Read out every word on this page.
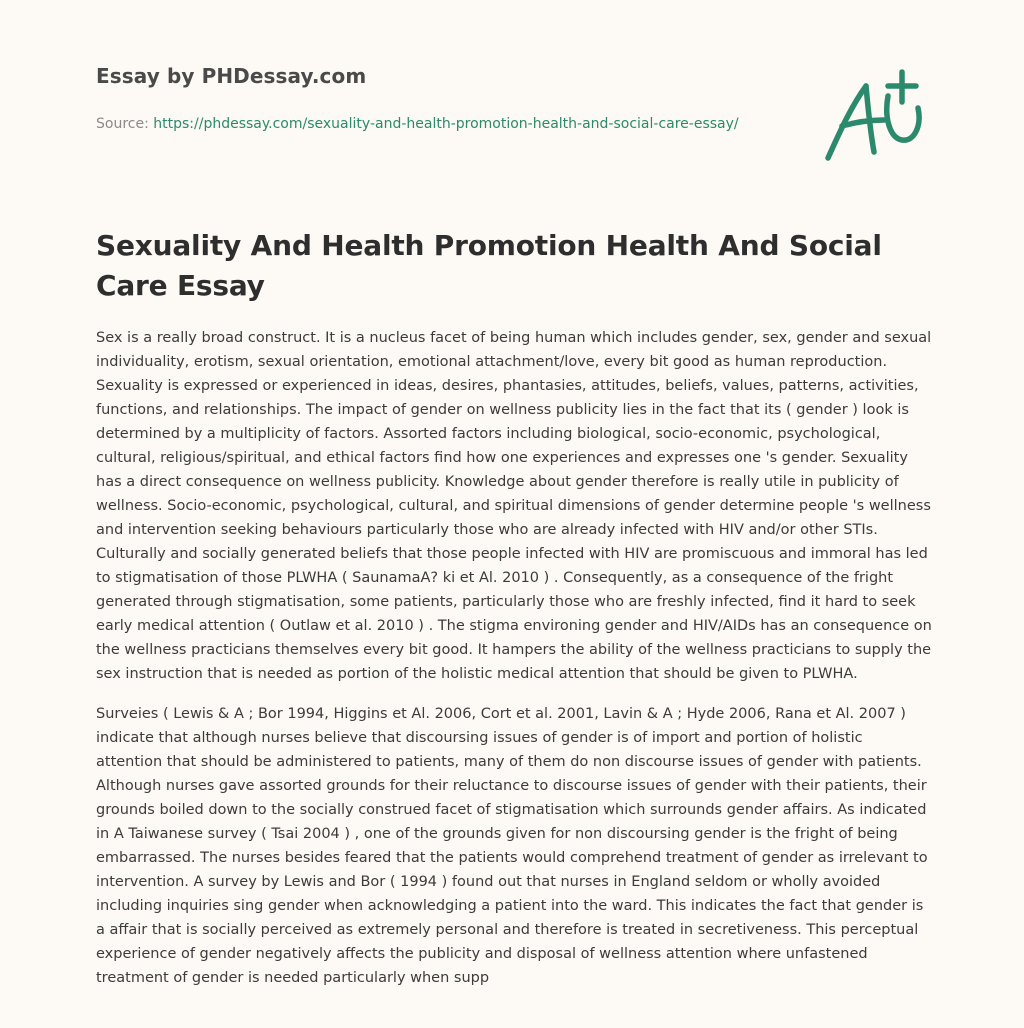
Essay by PHDessay.com
Source: https://phdessay.com/sexuality-and-health-promotion-health-and-social-care-essay/
Sexuality And Health Promotion Health And Social Care Essay

Sex is a really broad construct. It is a nucleus facet of being human which includes gender, sex, gender and sexual individuality, erotism, sexual orientation, emotional attachment/love, every bit good as human reproduction. Sexuality is expressed or experienced in ideas, desires, phantasies, attitudes, beliefs, values, patterns, activities, functions, and relationships. The impact of gender on wellness publicity lies in the fact that its ( gender ) look is determined by a multiplicity of factors. Assorted factors including biological, socio-economic, psychological, cultural, religious/spiritual, and ethical factors find how one experiences and expresses one 's gender. Sexuality has a direct consequence on wellness publicity. Knowledge about gender therefore is really utile in publicity of wellness. Socio-economic, psychological, cultural, and spiritual dimensions of gender determine people 's wellness and intervention seeking behaviours particularly those who are already infected with HIV and/or other STIs. Culturally and socially generated beliefs that those people infected with HIV are promiscuous and immoral has led to stigmatisation of those PLWHA ( SaunamaA? ki et Al. 2010 ) . Consequently, as a consequence of the fright generated through stigmatisation, some patients, particularly those who are freshly infected, find it hard to seek early medical attention ( Outlaw et al. 2010 ) . The stigma environing gender and HIV/AIDs has an consequence on the wellness practicians themselves every bit good. It hampers the ability of the wellness practicians to supply the sex instruction that is needed as portion of the holistic medical attention that should be given to PLWHA.

Surveies ( Lewis & A ; Bor 1994, Higgins et Al. 2006, Cort et al. 2001, Lavin & A ; Hyde 2006, Rana et Al. 2007 ) indicate that although nurses believe that discoursing issues of gender is of import and portion of holistic attention that should be administered to patients, many of them do non discourse issues of gender with patients. Although nurses gave assorted grounds for their reluctance to discourse issues of gender with their patients, their grounds boiled down to the socially construed facet of stigmatisation which surrounds gender affairs. As indicated in A Taiwanese survey ( Tsai 2004 ) , one of the grounds given for non discoursing gender is the fright of being embarrassed. The nurses besides feared that the patients would comprehend treatment of gender as irrelevant to intervention. A survey by Lewis and Bor ( 1994 ) found out that nurses in England seldom or wholly avoided including inquiries sing gender when acknowledging a patient into the ward. This indicates the fact that gender is a affair that is socially perceived as extremely personal and therefore is treated in secretiveness. This perceptual experience of gender negatively affects the publicity and disposal of wellness attention where unfastened treatment of gender is needed particularly when supp
